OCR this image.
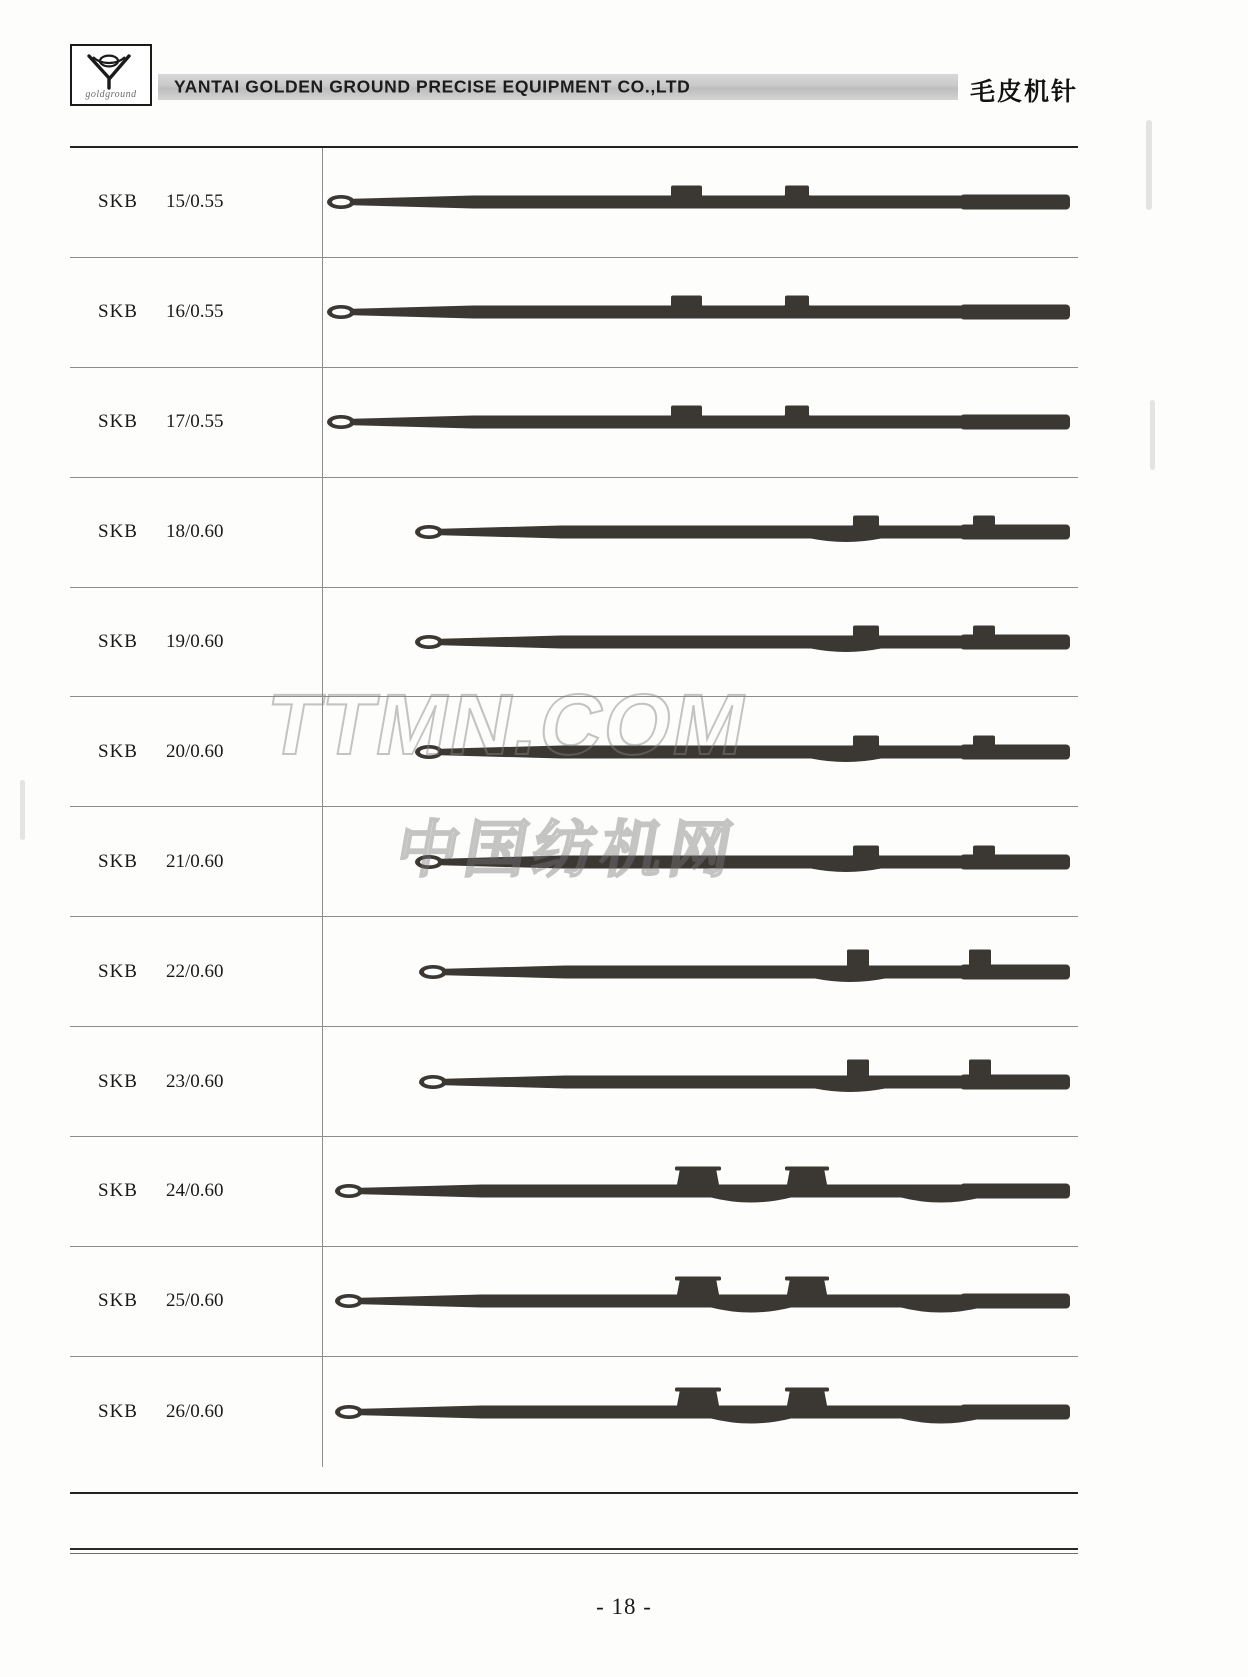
goldground YANTAI GOLDEN GROUND PRECISE EQUIPMENT CO.,LTD	毛皮机针
SKB 15/0.55
SKB 16/0.55
SKB 17/0.55
SKB 18/0.60
SKB 19/0.60
SKB 20/0.60
SKB 21/0.60
SKB 22/0.60
SKB 23/0.60
SKB 24/0.60
SKB 25/0.60
SKB 26/0.60
TTMN.COM
中国纺机网
- 18 -
